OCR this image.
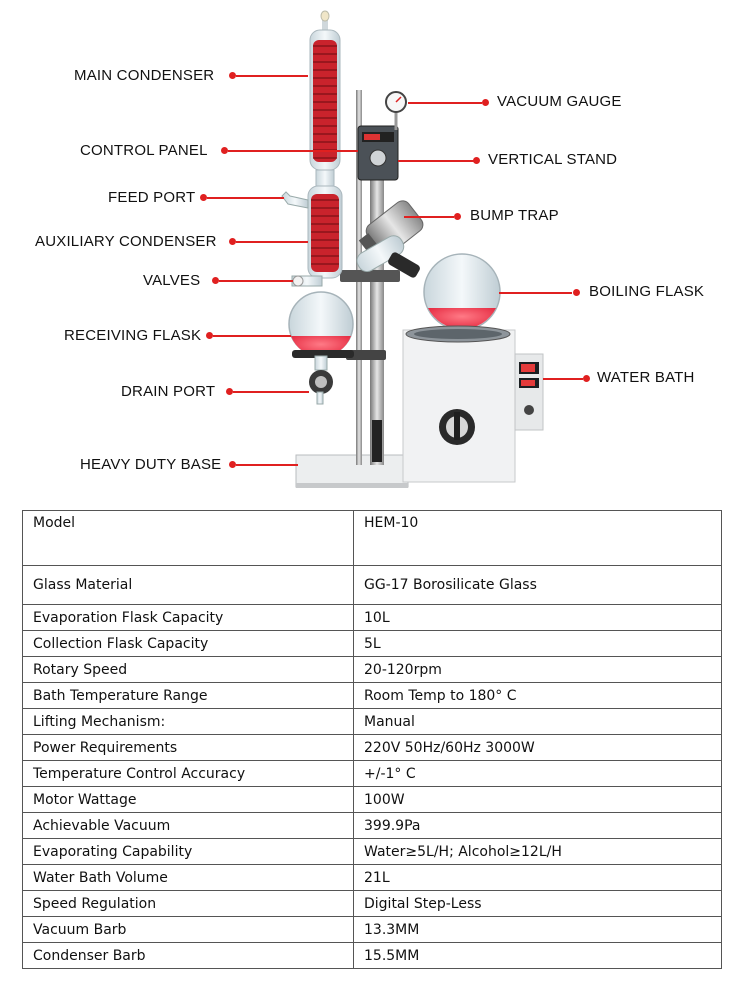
MAIN CONDENSER
CONTROL PANEL
FEED PORT
AUXILIARY CONDENSER
VALVES
RECEIVING FLASK
DRAIN PORT
HEAVY DUTY BASE
VACUUM GAUGE
VERTICAL STAND
BUMP TRAP
BOILING FLASK
WATER BATH
Model	HEM-10
Glass Material	GG-17 Borosilicate Glass
Evaporation Flask Capacity	10L
Collection Flask Capacity	5L
Rotary Speed	20-120rpm
Bath Temperature Range	Room Temp to 180° C
Lifting Mechanism:	Manual
Power Requirements	220V 50Hz/60Hz 3000W
Temperature Control Accuracy	+/-1° C
Motor Wattage	100W
Achievable Vacuum	399.9Pa
Evaporating Capability	Water≥5L/H; Alcohol≥12L/H
Water Bath Volume	21L
Speed Regulation	Digital Step-Less
Vacuum Barb	13.3MM
Condenser Barb	15.5MM
